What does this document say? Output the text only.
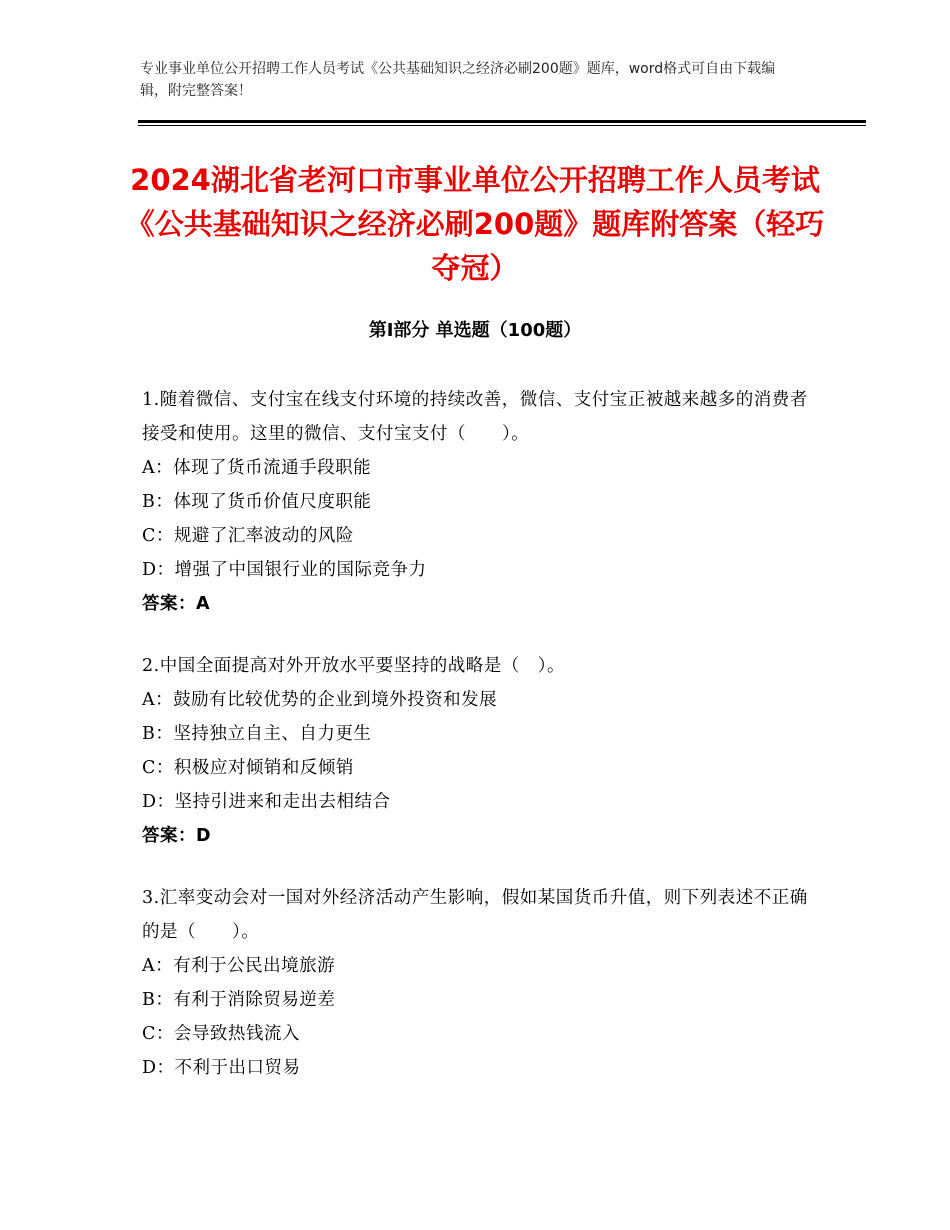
专业事业单位公开招聘工作人员考试《公共基础知识之经济必刷200题》题库，word格式可自由下载编辑，附完整答案！
2024湖北省老河口市事业单位公开招聘工作人员考试《公共基础知识之经济必刷200题》题库附答案（轻巧夺冠）
第I部分 单选题（100题）
1.随着微信、支付宝在线支付环境的持续改善，微信、支付宝正被越来越多的消费者接受和使用。这里的微信、支付宝支付（　　）。
A：体现了货币流通手段职能
B：体现了货币价值尺度职能
C：规避了汇率波动的风险
D：增强了中国银行业的国际竞争力
答案：A
2.中国全面提高对外开放水平要坚持的战略是（　）。
A：鼓励有比较优势的企业到境外投资和发展
B：坚持独立自主、自力更生
C：积极应对倾销和反倾销
D：坚持引进来和走出去相结合
答案：D
3.汇率变动会对一国对外经济活动产生影响，假如某国货币升值，则下列表述不正确的是（　　）。
A：有利于公民出境旅游
B：有利于消除贸易逆差
C：会导致热钱流入
D：不利于出口贸易
